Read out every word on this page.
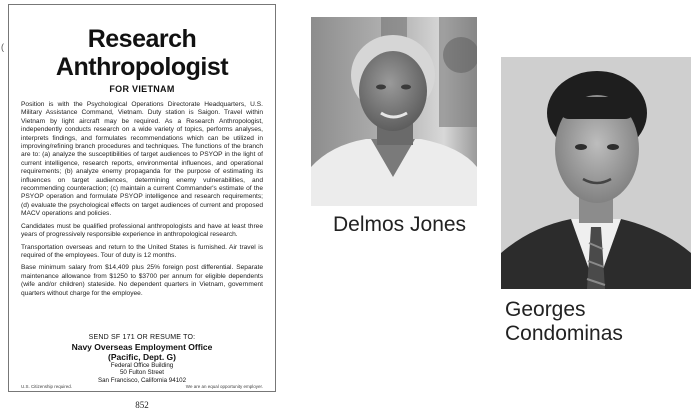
(	Research
Anthropologist
FOR VIETNAM

Position is with the Psychological Operations Directorate Headquarters, U.S. Military Assistance Command, Vietnam. Duty station is Saigon. Travel within Vietnam by light aircraft may be required. As a Research Anthropologist, independently conducts research on a wide variety of topics, performs analyses, interprets findings, and formulates recommendations which can be utilized in improving/refining branch procedures and techniques. The functions of the branch are to: (a) analyze the susceptibilities of target audiences to PSYOP in the light of current intelligence, research reports, environmental influences, and operational requirements; (b) analyze enemy propaganda for the purpose of estimating its influences on target audiences, determining enemy vulnerabilities, and recommending counteraction; (c) maintain a current Commander's estimate of the PSYOP operation and formulate PSYOP intelligence and research requirements; (d) evaluate the psychological effects on target audiences of current and proposed MACV operations and policies.

Candidates must be qualified professional anthropologists and have at least three years of progressively responsible experience in anthropological research.

Transportation overseas and return to the United States is furnished. Air travel is required of the employees. Tour of duty is 12 months.

Base minimum salary from $14,409 plus 25% foreign post differential. Separate maintenance allowance from $1250 to $3700 per annum for eligible dependents (wife and/or children) stateside. No dependent quarters in Vietnam, government quarters without charge for the employee.

SEND SF 171 OR RESUME TO:
Navy Overseas Employment Office
(Pacific, Dept. G)
Federal Office Building
50 Fulton Street
San Francisco, California 94102
U.S. Citizenship required.	We are an equal opportunity employer.
852
Delmos Jones
Georges Condominas
